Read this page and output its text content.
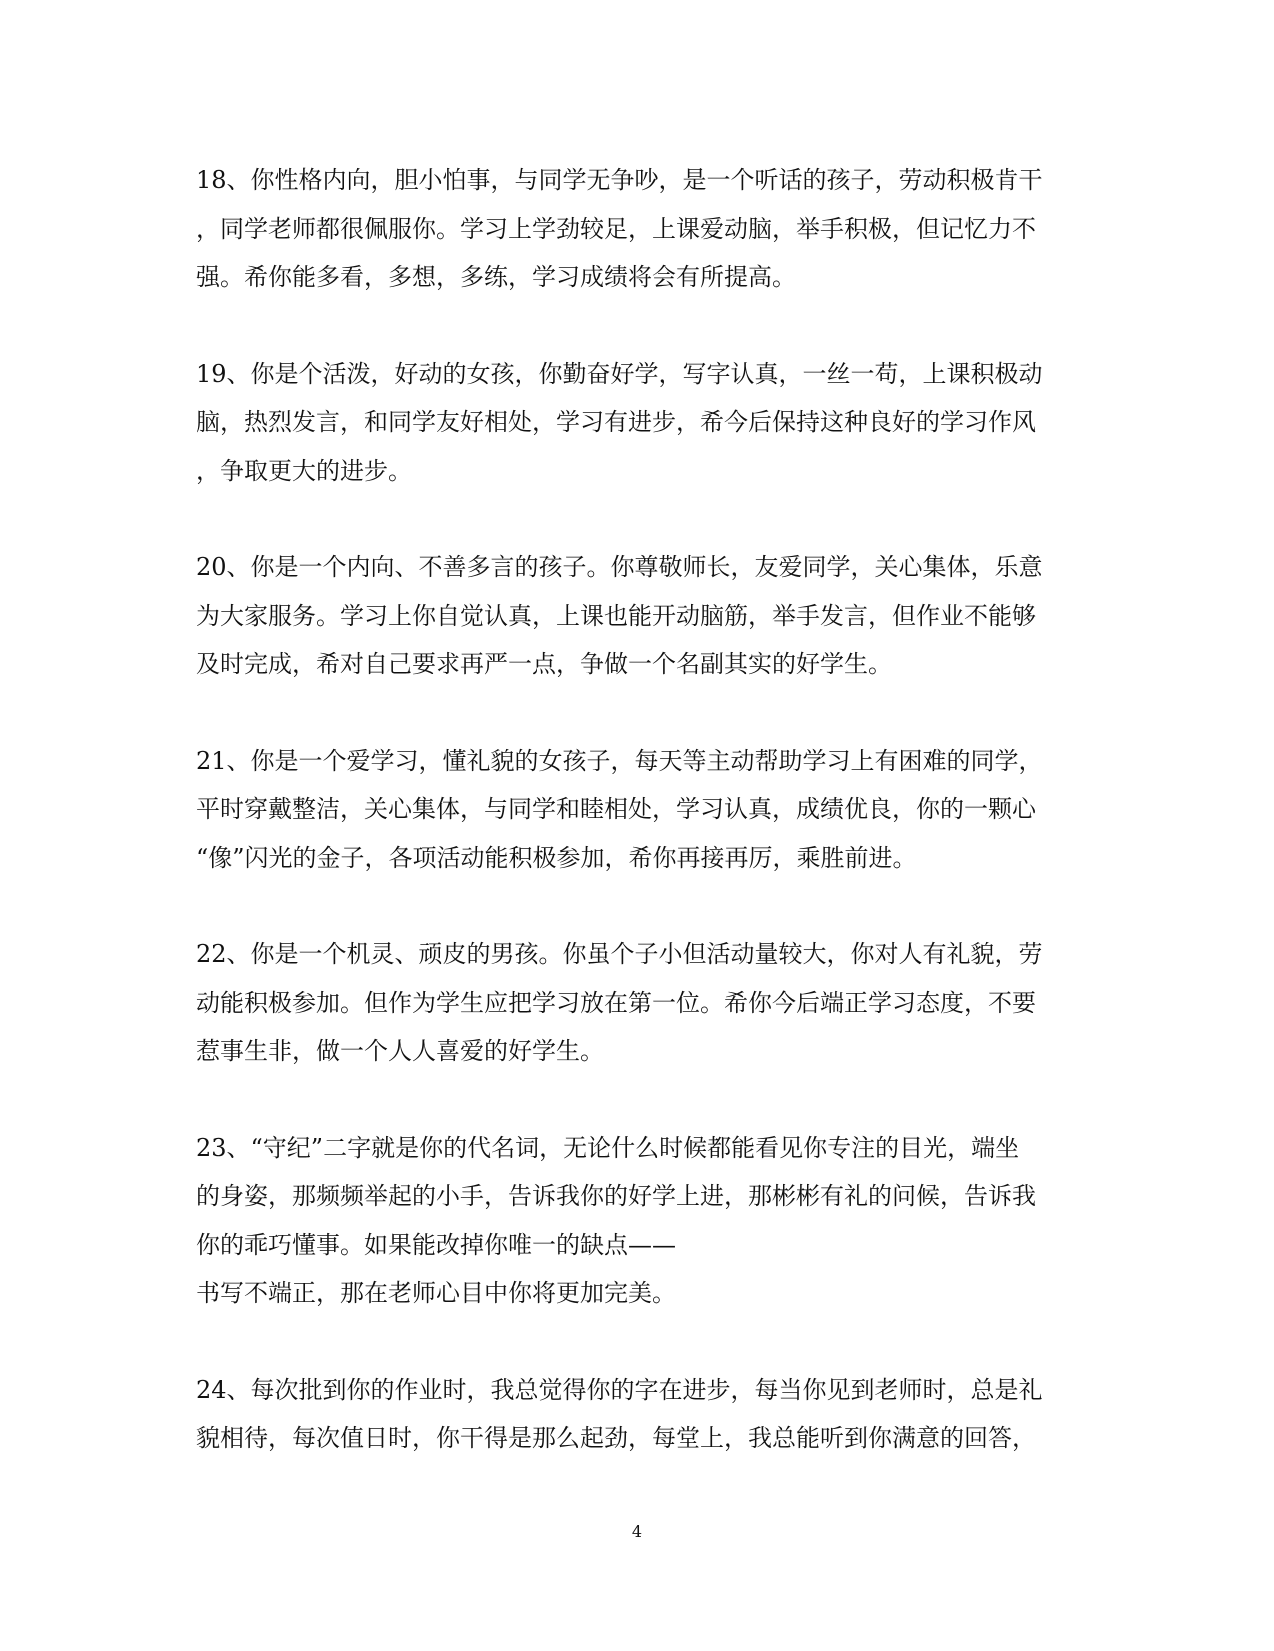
18、你性格内向，胆小怕事，与同学无争吵，是一个听话的孩子，劳动积极肯干
，同学老师都很佩服你。学习上学劲较足，上课爱动脑，举手积极，但记忆力不
强。希你能多看，多想，多练，学习成绩将会有所提高。

19、你是个活泼，好动的女孩，你勤奋好学，写字认真，一丝一苟，上课积极动
脑，热烈发言，和同学友好相处，学习有进步，希今后保持这种良好的学习作风
，争取更大的进步。

20、你是一个内向、不善多言的孩子。你尊敬师长，友爱同学，关心集体，乐意
为大家服务。学习上你自觉认真，上课也能开动脑筋，举手发言，但作业不能够
及时完成，希对自己要求再严一点，争做一个名副其实的好学生。

21、你是一个爱学习，懂礼貌的女孩子，每天等主动帮助学习上有困难的同学，
平时穿戴整洁，关心集体，与同学和睦相处，学习认真，成绩优良，你的一颗心
“像”闪光的金子，各项活动能积极参加，希你再接再厉，乘胜前进。

22、你是一个机灵、顽皮的男孩。你虽个子小但活动量较大，你对人有礼貌，劳
动能积极参加。但作为学生应把学习放在第一位。希你今后端正学习态度，不要
惹事生非，做一个人人喜爱的好学生。

23、“守纪”二字就是你的代名词，无论什么时候都能看见你专注的目光，端坐
的身姿，那频频举起的小手，告诉我你的好学上进，那彬彬有礼的问候，告诉我
你的乖巧懂事。如果能改掉你唯一的缺点——
书写不端正，那在老师心目中你将更加完美。

24、每次批到你的作业时，我总觉得你的字在进步，每当你见到老师时，总是礼
貌相待，每次值日时，你干得是那么起劲，每堂上，我总能听到你满意的回答，

4
